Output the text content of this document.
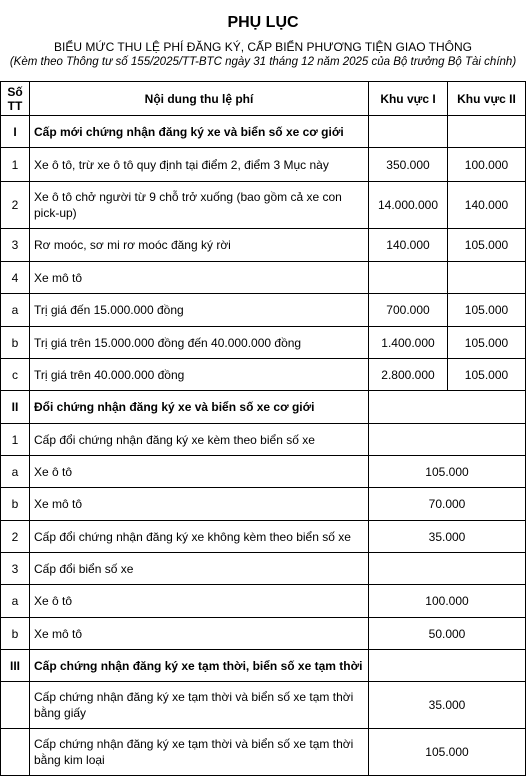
PHỤ LỤC
BIỂU MỨC THU LỆ PHÍ ĐĂNG KÝ, CẤP BIỂN PHƯƠNG TIỆN GIAO THÔNG
(Kèm theo Thông tư số 155/2025/TT-BTC ngày 31 tháng 12 năm 2025 của Bộ trưởng Bộ Tài chính)
Số TT	Nội dung thu lệ phí	Khu vực I	Khu vực II
I	Cấp mới chứng nhận đăng ký xe và biển số xe cơ giới		
1	Xe ô tô, trừ xe ô tô quy định tại điểm 2, điểm 3 Mục này	350.000	100.000
2	Xe ô tô chở người từ 9 chỗ trở xuống (bao gồm cả xe con pick-up)	14.000.000	140.000
3	Rơ moóc, sơ mi rơ moóc đăng ký rời	140.000	105.000
4	Xe mô tô		
a	Trị giá đến 15.000.000 đồng	700.000	105.000
b	Trị giá trên 15.000.000 đồng đến 40.000.000 đồng	1.400.000	105.000
c	Trị giá trên 40.000.000 đồng	2.800.000	105.000
II	Đổi chứng nhận đăng ký xe và biển số xe cơ giới		
1	Cấp đổi chứng nhận đăng ký xe kèm theo biển số xe		
a	Xe ô tô	105.000	
b	Xe mô tô	70.000	
2	Cấp đổi chứng nhận đăng ký xe không kèm theo biển số xe	35.000	
3	Cấp đổi biển số xe		
a	Xe ô tô	100.000	
b	Xe mô tô	50.000	
III	Cấp chứng nhận đăng ký xe tạm thời, biển số xe tạm thời		
	Cấp chứng nhận đăng ký xe tạm thời và biển số xe tạm thời bằng giấy	35.000	
	Cấp chứng nhận đăng ký xe tạm thời và biển số xe tạm thời bằng kim loại	105.000	
